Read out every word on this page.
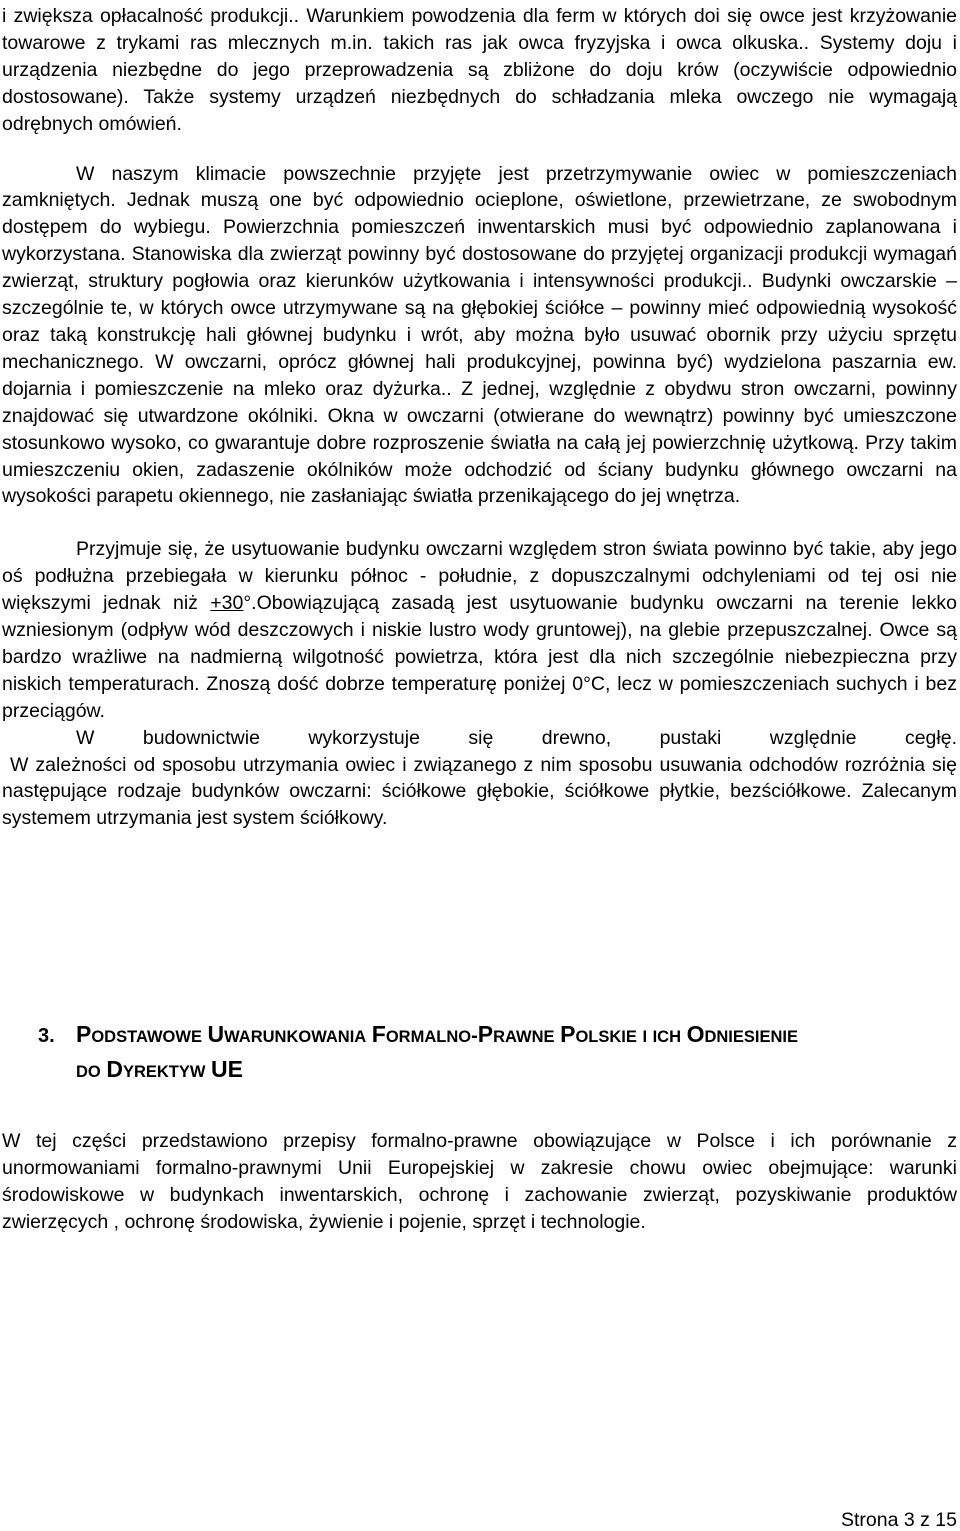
i zwiększa opłacalność produkcji.. Warunkiem powodzenia dla ferm w których doi się owce jest krzyżowanie towarowe z trykami ras mlecznych m.in. takich ras jak owca fryzyjska i owca olkuska.. Systemy doju i urządzenia niezbędne do jego przeprowadzenia są zbliżone do doju krów (oczywiście odpowiednio dostosowane). Także systemy urządzeń niezbędnych do schładzania mleka owczego nie wymagają odrębnych omówień.

W naszym klimacie powszechnie przyjęte jest przetrzymywanie owiec w pomieszczeniach zamkniętych. Jednak muszą one być odpowiednio ocieplone, oświetlone, przewietrzane, ze swobodnym dostępem do wybiegu. Powierzchnia pomieszczeń inwentarskich musi być odpowiednio zaplanowana i wykorzystana. Stanowiska dla zwierząt powinny być dostosowane do przyjętej organizacji produkcji wymagań zwierząt, struktury pogłowia oraz kierunków użytkowania i intensywności produkcji.. Budynki owczarskie – szczególnie te, w których owce utrzymywane są na głębokiej ściółce – powinny mieć odpowiednią wysokość oraz taką konstrukcję hali głównej budynku i wrót, aby można było usuwać obornik przy użyciu sprzętu mechanicznego. W owczarni, oprócz głównej hali produkcyjnej, powinna być) wydzielona paszarnia ew. dojarnia i pomieszczenie na mleko oraz dyżurka.. Z jednej, względnie z obydwu stron owczarni, powinny znajdować się utwardzone okólniki. Okna w owczarni (otwierane do wewnątrz) powinny być umieszczone stosunkowo wysoko, co gwarantuje dobre rozproszenie światła na całą jej powierzchnię użytkową. Przy takim umieszczeniu okien, zadaszenie okólników może odchodzić od ściany budynku głównego owczarni na wysokości parapetu okiennego, nie zasłaniając światła przenikającego do jej wnętrza.

Przyjmuje się, że usytuowanie budynku owczarni względem stron świata powinno być takie, aby jego oś podłużna przebiegała w kierunku północ - południe, z dopuszczalnymi odchyleniami od tej osi nie większymi jednak niż +30°.Obowiązującą zasadą jest usytuowanie budynku owczarni na terenie lekko wzniesionym (odpływ wód deszczowych i niskie lustro wody gruntowej), na glebie przepuszczalnej. Owce są bardzo wrażliwe na nadmierną wilgotność powietrza, która jest dla nich szczególnie niebezpieczna przy niskich temperaturach. Znoszą dość dobrze temperaturę poniżej 0°C, lecz w pomieszczeniach suchych i bez przeciągów.

W budownictwie wykorzystuje się drewno, pustaki względnie cegłę.

W zależności od sposobu utrzymania owiec i związanego z nim sposobu usuwania odchodów rozróżnia się następujące rodzaje budynków owczarni: ściółkowe głębokie, ściółkowe płytkie, bezściółkowe. Zalecanym systemem utrzymania jest system ściółkowy.

3. PODSTAWOWE UWARUNKOWANIA FORMALNO-PRAWNE POLSKIE I ICH ODNIESIENIE
DO DYREKTYW UE

W tej części przedstawiono przepisy formalno-prawne obowiązujące w Polsce i ich porównanie z unormowaniami formalno-prawnymi Unii Europejskiej w zakresie chowu owiec obejmujące: warunki środowiskowe w budynkach inwentarskich, ochronę i zachowanie zwierząt, pozyskiwanie produktów zwierzęcych , ochronę środowiska, żywienie i pojenie, sprzęt i technologie.

Strona 3 z 15
